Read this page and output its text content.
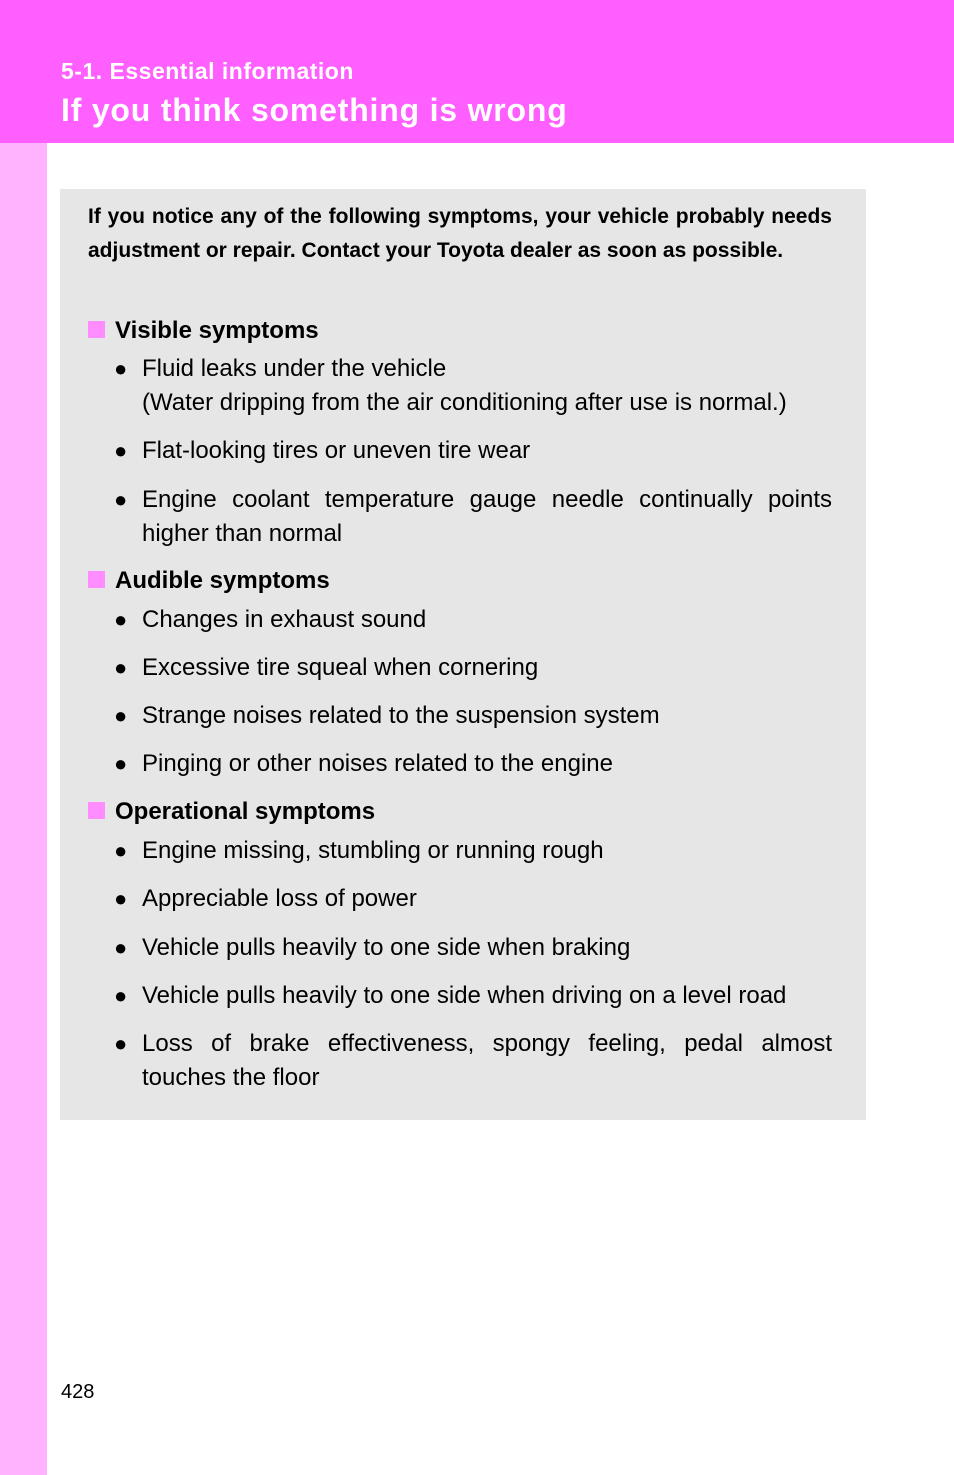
5-1. Essential information
If you think something is wrong
If you notice any of the following symptoms, your vehicle probably needs adjustment or repair. Contact your Toyota dealer as soon as possible.
Visible symptoms
● Fluid leaks under the vehicle
(Water dripping from the air conditioning after use is normal.)
● Flat-looking tires or uneven tire wear
● Engine coolant temperature gauge needle continually points higher than normal
Audible symptoms
● Changes in exhaust sound
● Excessive tire squeal when cornering
● Strange noises related to the suspension system
● Pinging or other noises related to the engine
Operational symptoms
● Engine missing, stumbling or running rough
● Appreciable loss of power
● Vehicle pulls heavily to one side when braking
● Vehicle pulls heavily to one side when driving on a level road
● Loss of brake effectiveness, spongy feeling, pedal almost touches the floor
428
